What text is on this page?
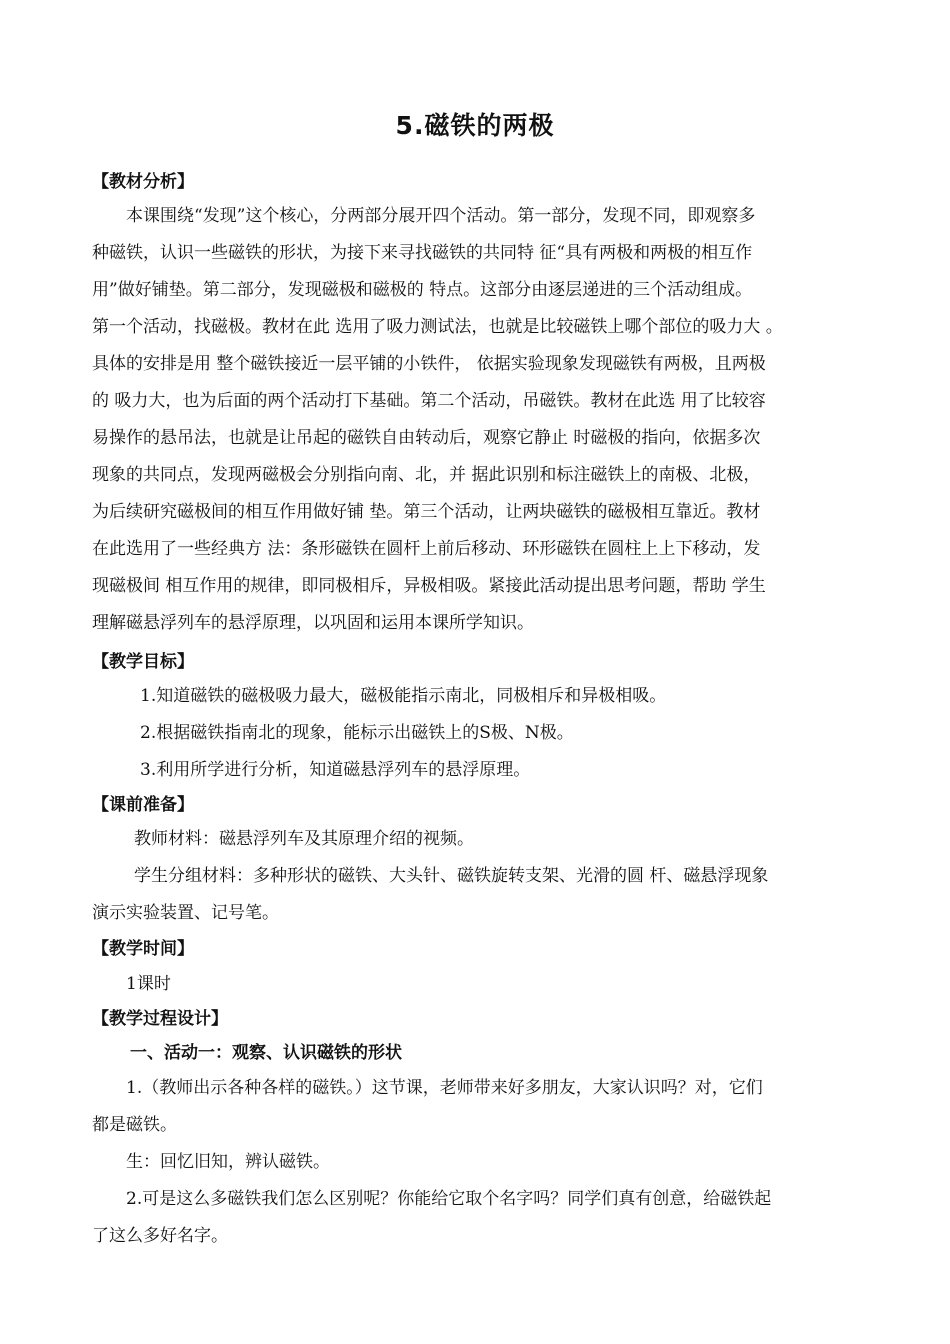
5.磁铁的两极
【教材分析】
本课围绕“发现”这个核心，分两部分展开四个活动。第一部分，发现不同，即观察多
种磁铁，认识一些磁铁的形状，为接下来寻找磁铁的共同特 征“具有两极和两极的相互作
用”做好铺垫。第二部分，发现磁极和磁极的 特点。这部分由逐层递进的三个活动组成。
第一个活动，找磁极。教材在此 选用了吸力测试法，也就是比较磁铁上哪个部位的吸力大 。
具体的安排是用 整个磁铁接近一层平铺的小铁件， 依据实验现象发现磁铁有两极，且两极
的 吸力大，也为后面的两个活动打下基础。第二个活动，吊磁铁。教材在此选 用了比较容
易操作的悬吊法，也就是让吊起的磁铁自由转动后，观察它静止 时磁极的指向，依据多次
现象的共同点，发现两磁极会分别指向南、北，并 据此识别和标注磁铁上的南极、北极，
为后续研究磁极间的相互作用做好铺 垫。第三个活动，让两块磁铁的磁极相互靠近。教材
在此选用了一些经典方 法：条形磁铁在圆杆上前后移动、环形磁铁在圆柱上上下移动，发
现磁极间 相互作用的规律，即同极相斥，异极相吸。紧接此活动提出思考问题，帮助 学生
理解磁悬浮列车的悬浮原理，以巩固和运用本课所学知识。
【教学目标】
1.知道磁铁的磁极吸力最大，磁极能指示南北，同极相斥和异极相吸。
2.根据磁铁指南北的现象，能标示出磁铁上的S极、N极。
3.利用所学进行分析，知道磁悬浮列车的悬浮原理。
【课前准备】
教师材料：磁悬浮列车及其原理介绍的视频。
学生分组材料：多种形状的磁铁、大头针、磁铁旋转支架、光滑的圆 杆、磁悬浮现象
演示实验装置、记号笔。
【教学时间】
1课时
【教学过程设计】
一、活动一：观察、认识磁铁的形状
1.（教师出示各种各样的磁铁。）这节课，老师带来好多朋友，大家认识吗？对，它们
都是磁铁。
生：回忆旧知，辨认磁铁。
2.可是这么多磁铁我们怎么区别呢？你能给它取个名字吗？同学们真有创意，给磁铁起
了这么多好名字。
